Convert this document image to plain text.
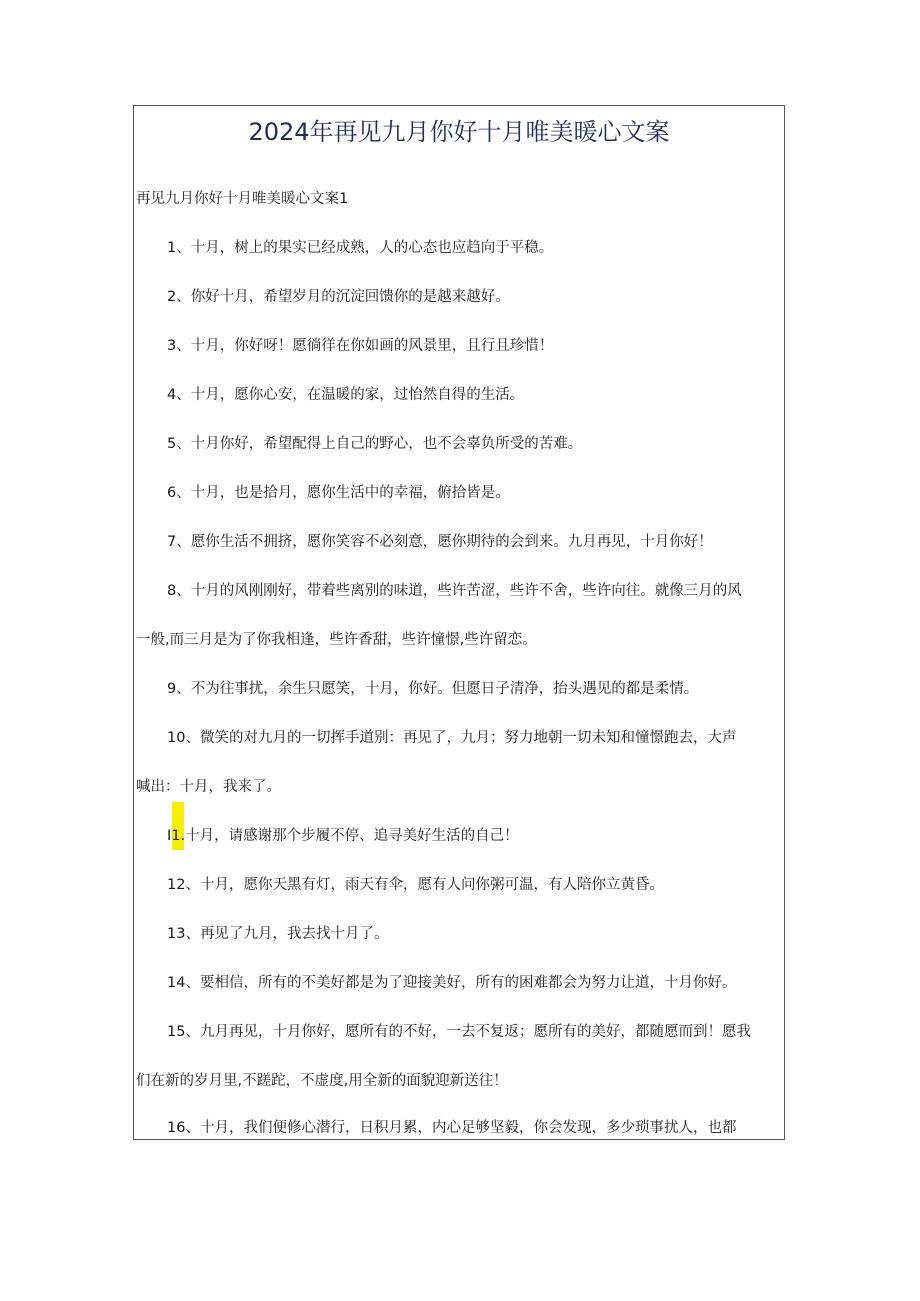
2024年再见九月你好十月唯美暖心文案
再见九月你好十月唯美暖心文案1
1、十月，树上的果实已经成熟，人的心态也应趋向于平稳。
2、你好十月，希望岁月的沉淀回馈你的是越来越好。
3、十月，你好呀！愿徜徉在你如画的风景里，且行且珍惜！
4、十月，愿你心安，在温暖的家，过怡然自得的生活。
5、十月你好，希望配得上自己的野心，也不会辜负所受的苦难。
6、十月，也是拾月，愿你生活中的幸福，俯拾皆是。
7、愿你生活不拥挤，愿你笑容不必刻意，愿你期待的会到来。九月再见，十月你好！
8、十月的风刚刚好，带着些离别的味道，些许苦涩，些许不舍，些许向往。就像三月的风
一般,而三月是为了你我相逢，些许香甜，些许憧憬,些许留恋。
9、不为往事扰，余生只愿笑，十月，你好。但愿日子清净，抬头遇见的都是柔情。
10、微笑的对九月的一切挥手道别：再见了，九月；努力地朝一切未知和憧憬跑去，大声
喊出：十月，我来了。
I1.十月，请感谢那个步履不停、追寻美好生活的自己！
12、十月，愿你天黑有灯，雨天有伞，愿有人问你粥可温，有人陪你立黄昏。
13、再见了九月，我去找十月了。
14、要相信，所有的不美好都是为了迎接美好，所有的困难都会为努力让道，十月你好。
15、九月再见，十月你好，愿所有的不好，一去不复返；愿所有的美好，都随愿而到！愿我
们在新的岁月里,不蹉跎，不虚度,用全新的面貌迎新送往！
16、十月，我们便修心潜行，日积月累，内心足够坚毅，你会发现，多少琐事扰人，也都
